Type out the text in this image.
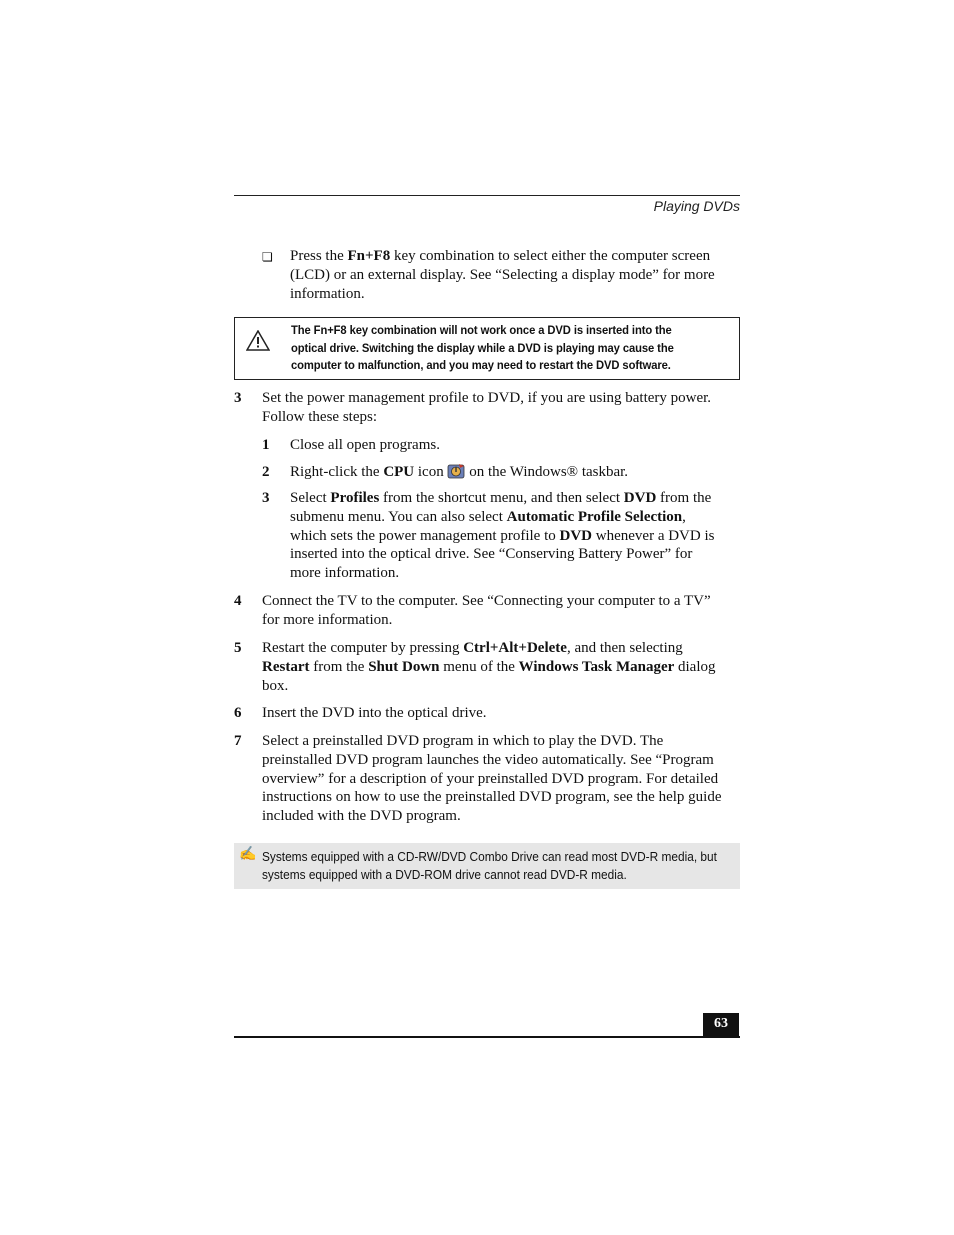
Playing DVDs
❏ Press the Fn+F8 key combination to select either the computer screen
(LCD) or an external display. See “Selecting a display mode” for more
information.
The Fn+F8 key combination will not work once a DVD is inserted into the
optical drive. Switching the display while a DVD is playing may cause the
computer to malfunction, and you may need to restart the DVD software.
3 Set the power management profile to DVD, if you are using battery power.
Follow these steps:
1 Close all open programs.
2 Right-click the CPU icon  on the Windows® taskbar.
3 Select Profiles from the shortcut menu, and then select DVD from the
submenu menu. You can also select Automatic Profile Selection,
which sets the power management profile to DVD whenever a DVD is
inserted into the optical drive. See “Conserving Battery Power” for
more information.
4 Connect the TV to the computer. See “Connecting your computer to a TV”
for more information.
5 Restart the computer by pressing Ctrl+Alt+Delete, and then selecting
Restart from the Shut Down menu of the Windows Task Manager dialog
box.
6 Insert the DVD into the optical drive.
7 Select a preinstalled DVD program in which to play the DVD. The
preinstalled DVD program launches the video automatically. See “Program
overview” for a description of your preinstalled DVD program. For detailed
instructions on how to use the preinstalled DVD program, see the help guide
included with the DVD program.
✍ Systems equipped with a CD-RW/DVD Combo Drive can read most DVD-R media, but
systems equipped with a DVD-ROM drive cannot read DVD-R media.
63
